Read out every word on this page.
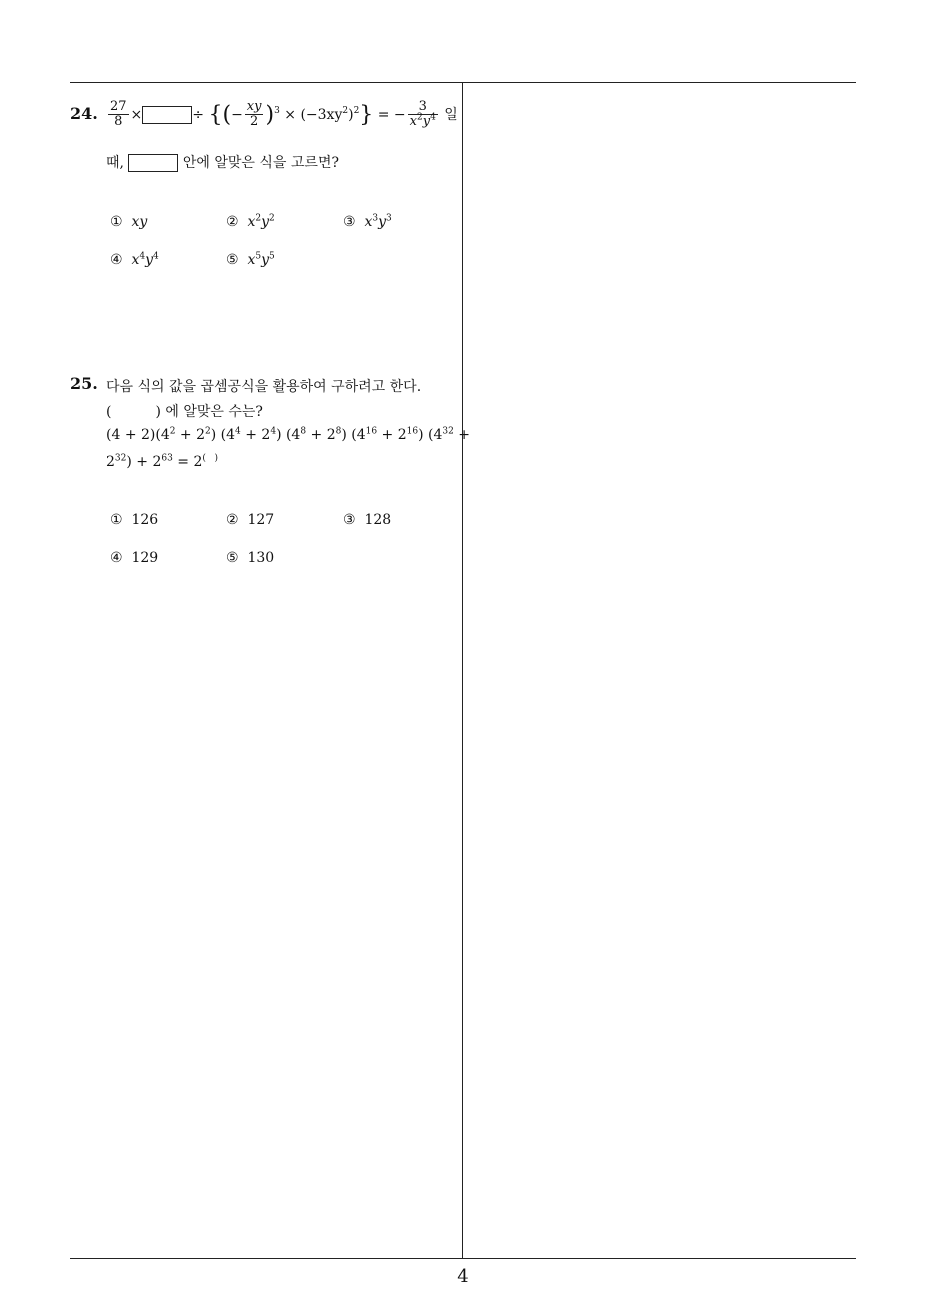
4
24. $\frac{27}{8}$ ×	÷ {(− $\frac{xy}{2} )^3 \times (-3xy^2)^2$} = − $\frac{3}{x^2y^4}$ 일
때,	안에 알맞은 식을 고르면?
① xy	② $x^2y^2$	③ $x^3y^3$
④ $x^4y^4$	⑤ $x^5y^5$
25. 다음 식의 값을 곱셈공식을 활용하여 구하려고 한다.
(	) 에 알맞은 수는?
$(4 + 2)(4^2 + 2^2)$ $(4^4 + 2^4) (4^8 + 2^8) (4^{16} + 2^{16}) (4^{32}$ +
$2^{32}) + 2^{63} = 2^{( )}$
① 126	② 127	③ 128
④ 129	⑤ 130
